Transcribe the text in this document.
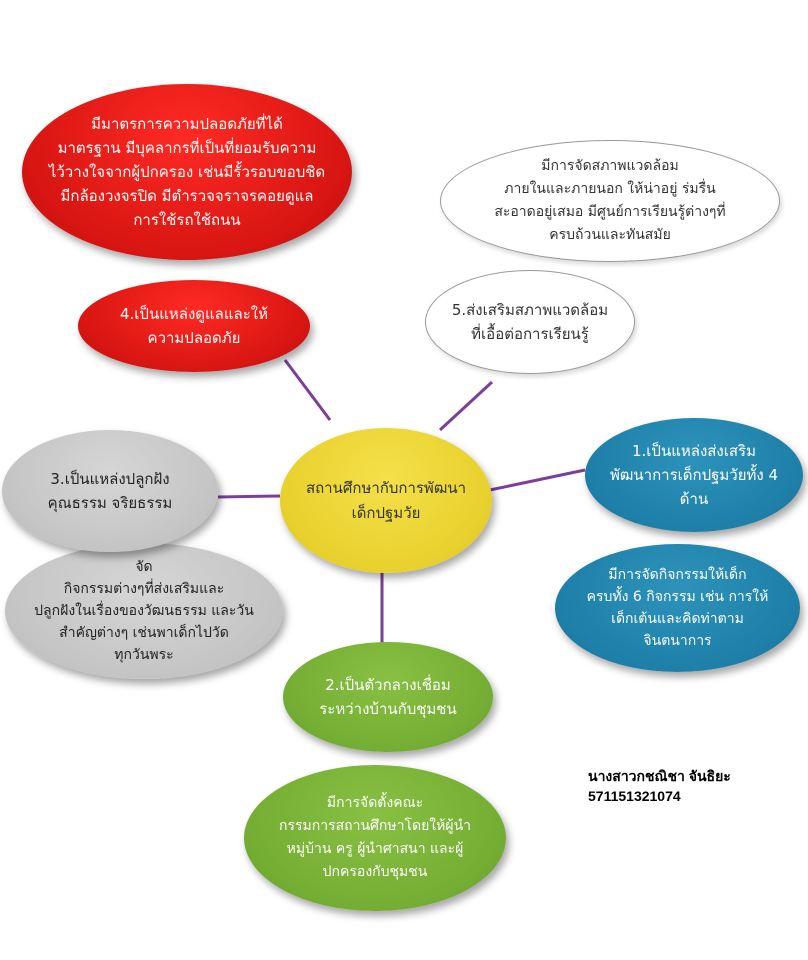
มีมาตรการความปลอดภัยที่ได้
มาตรฐาน มีบุคลากรที่เป็นที่ยอมรับความ
ไว้วางใจจากผู้ปกครอง เช่นมีรั้วรอบขอบชิด
มีกล้องวงจรปิด มีตำรวจจราจรคอยดูแล
การใช้รถใช้ถนน
มีการจัดสภาพแวดล้อม
ภายในและภายนอก ให้น่าอยู่ ร่มรื่น
สะอาดอยู่เสมอ มีศูนย์การเรียนรู้ต่างๆที่
ครบถ้วนและทันสมัย
จัด
กิจกรรมต่างๆที่ส่งเสริมและ
ปลูกฝังในเรื่องของวัฒนธรรม และวัน
สำคัญต่างๆ เช่นพาเด็กไปวัด
ทุกวันพระ
มีการจัดกิจกรรมให้เด็ก
ครบทั้ง 6 กิจกรรม เช่น การให้
เด็กเต้นและคิดท่าตาม
จินตนาการ
มีการจัดตั้งคณะ
กรรมการสถานศึกษาโดยให้ผู้นำ
หมู่บ้าน ครู ผู้นำศาสนา และผู้
ปกครองกับชุมชน
4.เป็นแหล่งดูแลและให้
ความปลอดภัย
5.ส่งเสริมสภาพแวดล้อม
ที่เอื้อต่อการเรียนรู้
3.เป็นแหล่งปลูกฝัง
คุณธรรม จริยธรรม
1.เป็นแหล่งส่งเสริม
พัฒนาการเด็กปฐมวัยทั้ง 4
ด้าน
2.เป็นตัวกลางเชื่อม
ระหว่างบ้านกับชุมชน
สถานศึกษากับการพัฒนา
เด็กปฐมวัย
นางสาวกชณิชา จันธิยะ
571151321074
